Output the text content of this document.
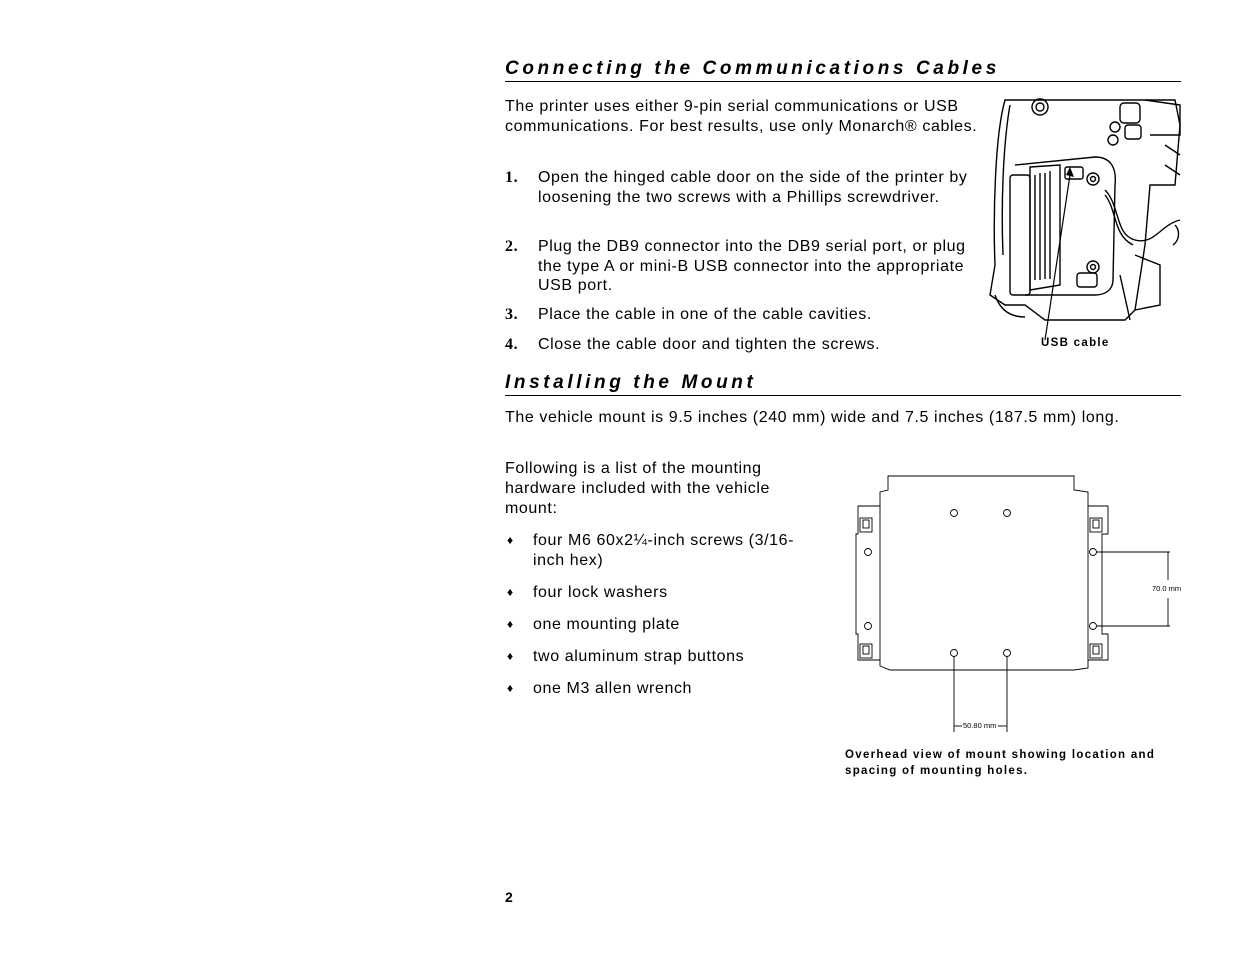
Connecting the Communications Cables

The printer uses either 9-pin serial communications or USB communications. For best results, use only Monarch® cables.

1. Open the hinged cable door on the side of the printer by loosening the two screws with a Phillips screwdriver.
2. Plug the DB9 connector into the DB9 serial port, or plug the type A or mini-B USB connector into the appropriate USB port.
3. Place the cable in one of the cable cavities.
4. Close the cable door and tighten the screws.	USB cable
Installing the Mount

The vehicle mount is 9.5 inches (240 mm) wide and 7.5 inches (187.5 mm) long.

Following is a list of the mounting hardware included with the vehicle mount:

♦ four M6 60x2¼-inch screws (3/16-inch hex)
♦ four lock washers
♦ one mounting plate
♦ two aluminum strap buttons
♦ one M3 allen wrench
70.0 mm
50.80 mm
Overhead view of mount showing location and spacing of mounting holes.
2
